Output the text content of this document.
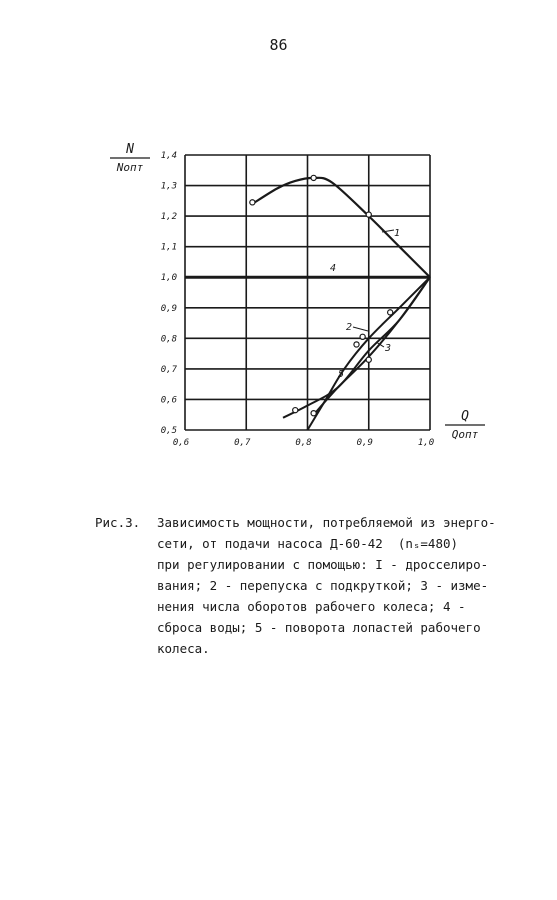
86
0,6	0,7	0,8	0,9	1,0
0,5
0,6
0,7
0,8
0,9
1,0
1,1
1,2
1,3
1,4
1
4
2
3
5
N
Nопт
Q
Qопт
Рис.3. Зависимость мощности, потребляемой из энерго-
сети, от подачи насоса Д-60-42  (nₛ=480)
при регулировании с помощью: I - дросселиро-
вания; 2 - перепуска с подкруткой; 3 - изме-
нения числа оборотов рабочего колеса; 4 -
сброса воды; 5 - поворота лопастей рабочего
колеса.
